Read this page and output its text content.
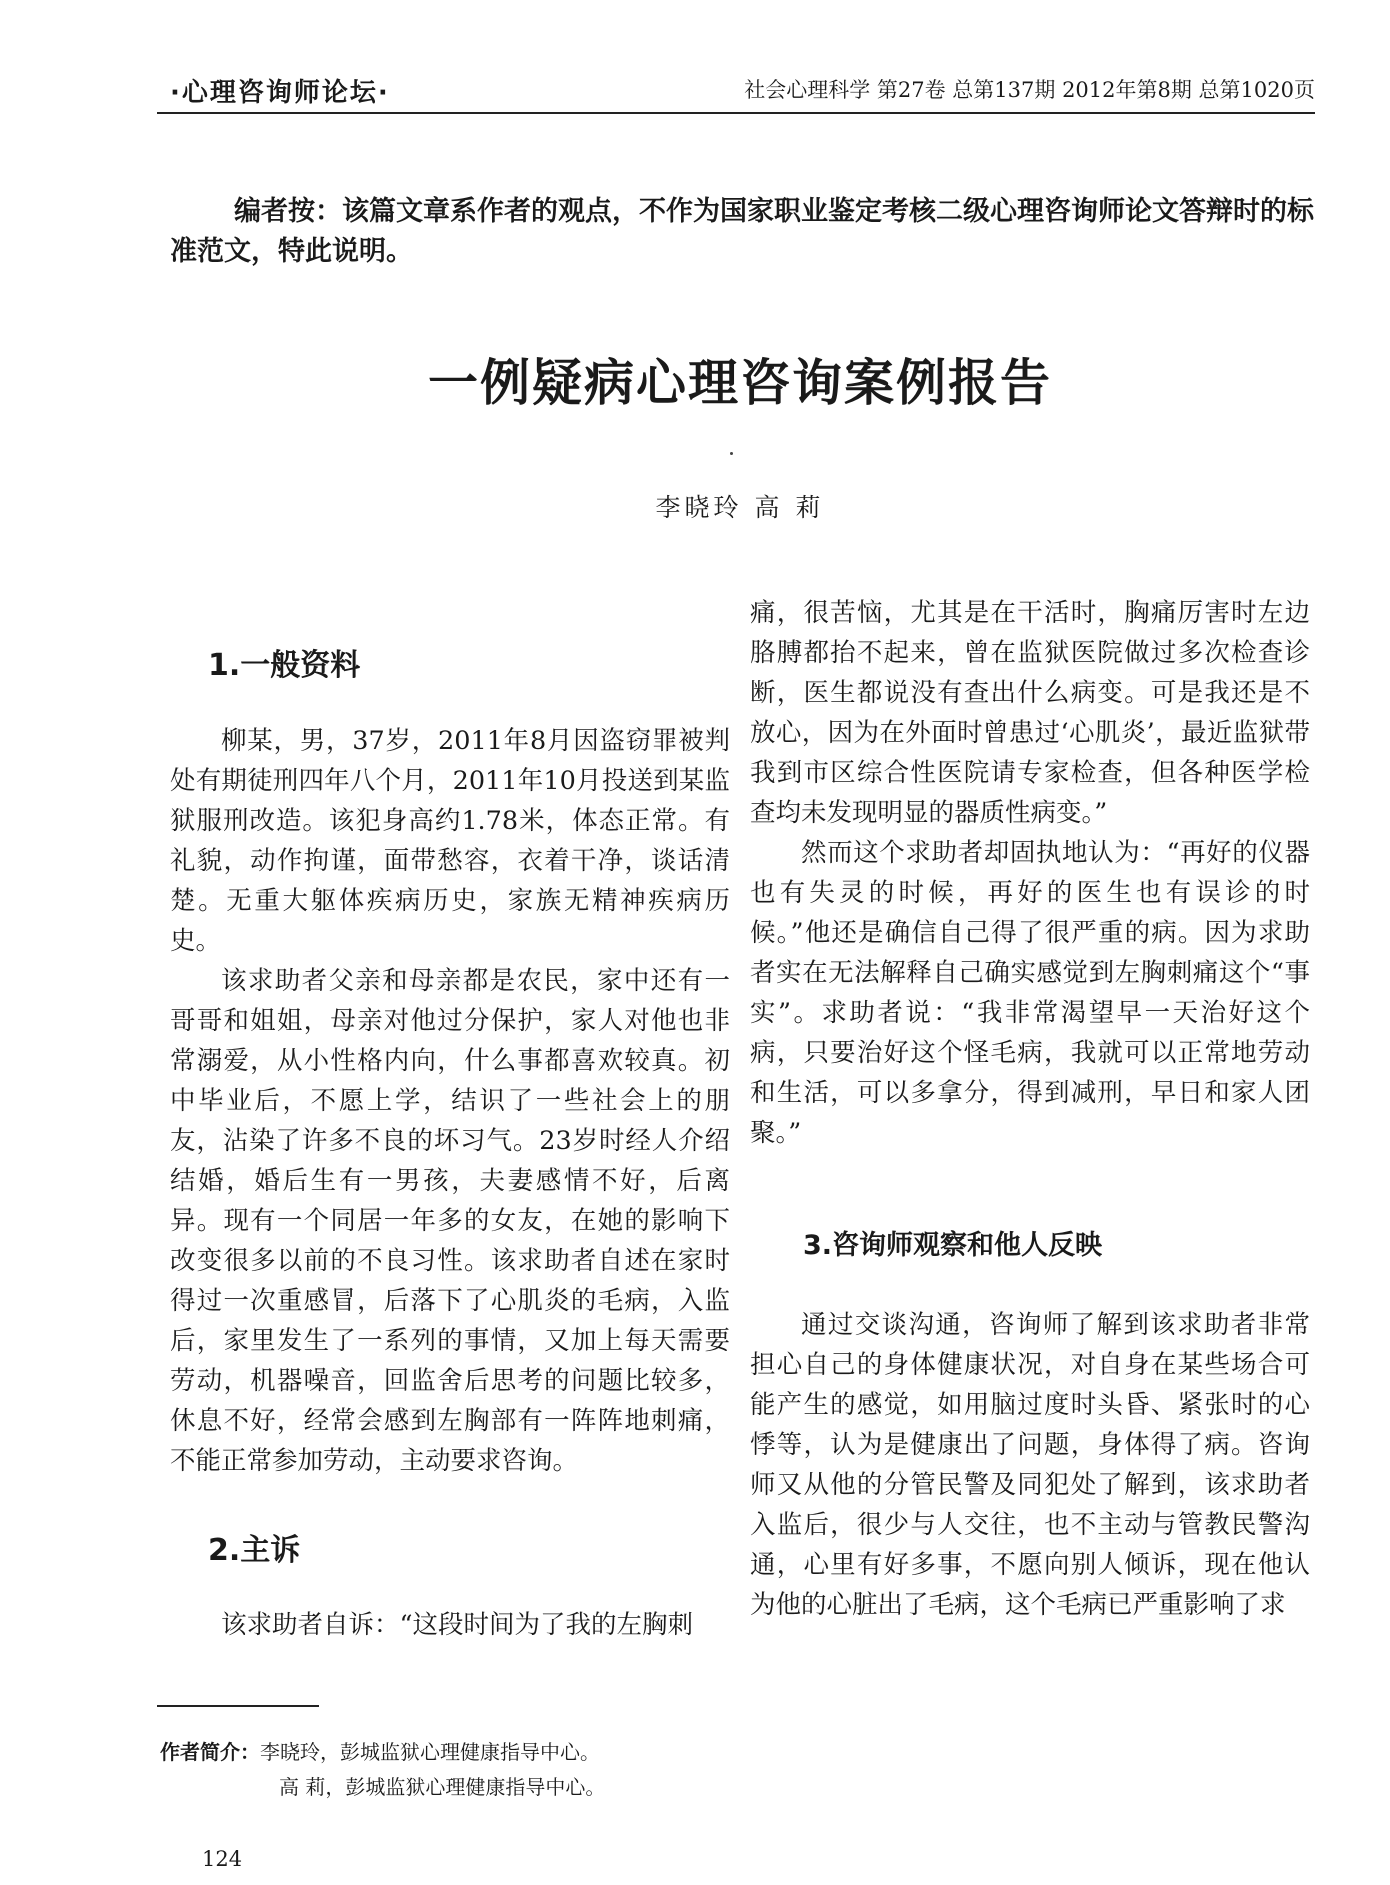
·心理咨询师论坛·	社会心理科学 第27卷 总第137期 2012年第8期 总第1020页
编者按：该篇文章系作者的观点，不作为国家职业鉴定考核二级心理咨询师论文答辩时的标准范文，特此说明。
一例疑病心理咨询案例报告
李晓玲 高 莉
1.一般资料

柳某，男，37岁，2011年8月因盗窃罪被判处有期徒刑四年八个月，2011年10月投送到某监狱服刑改造。该犯身高约1.78米，体态正常。有礼貌，动作拘谨，面带愁容，衣着干净，谈话清楚。无重大躯体疾病历史，家族无精神疾病历史。

该求助者父亲和母亲都是农民，家中还有一哥哥和姐姐，母亲对他过分保护，家人对他也非常溺爱，从小性格内向，什么事都喜欢较真。初中毕业后，不愿上学，结识了一些社会上的朋友，沾染了许多不良的坏习气。23岁时经人介绍结婚，婚后生有一男孩，夫妻感情不好，后离异。现有一个同居一年多的女友，在她的影响下改变很多以前的不良习性。该求助者自述在家时得过一次重感冒，后落下了心肌炎的毛病，入监后，家里发生了一系列的事情，又加上每天需要劳动，机器噪音，回监舍后思考的问题比较多，休息不好，经常会感到左胸部有一阵阵地刺痛，不能正常参加劳动，主动要求咨询。

2.主诉

该求助者自诉：“这段时间为了我的左胸刺

痛，很苦恼，尤其是在干活时，胸痛厉害时左边胳膊都抬不起来，曾在监狱医院做过多次检查诊断，医生都说没有查出什么病变。可是我还是不放心，因为在外面时曾患过‘心肌炎’，最近监狱带我到市区综合性医院请专家检查，但各种医学检查均未发现明显的器质性病变。”

然而这个求助者却固执地认为：“再好的仪器也有失灵的时候，再好的医生也有误诊的时候。”他还是确信自己得了很严重的病。因为求助者实在无法解释自己确实感觉到左胸刺痛这个“事实”。求助者说：“我非常渴望早一天治好这个病，只要治好这个怪毛病，我就可以正常地劳动和生活，可以多拿分，得到减刑，早日和家人团聚。”

3.咨询师观察和他人反映

通过交谈沟通，咨询师了解到该求助者非常担心自己的身体健康状况，对自身在某些场合可能产生的感觉，如用脑过度时头昏、紧张时的心悸等，认为是健康出了问题，身体得了病。咨询师又从他的分管民警及同犯处了解到，该求助者入监后，很少与人交往，也不主动与管教民警沟通，心里有好多事，不愿向别人倾诉，现在他认为他的心脏出了毛病，这个毛病已严重影响了求

作者简介：李晓玲，彭城监狱心理健康指导中心。
高 莉，彭城监狱心理健康指导中心。
124
